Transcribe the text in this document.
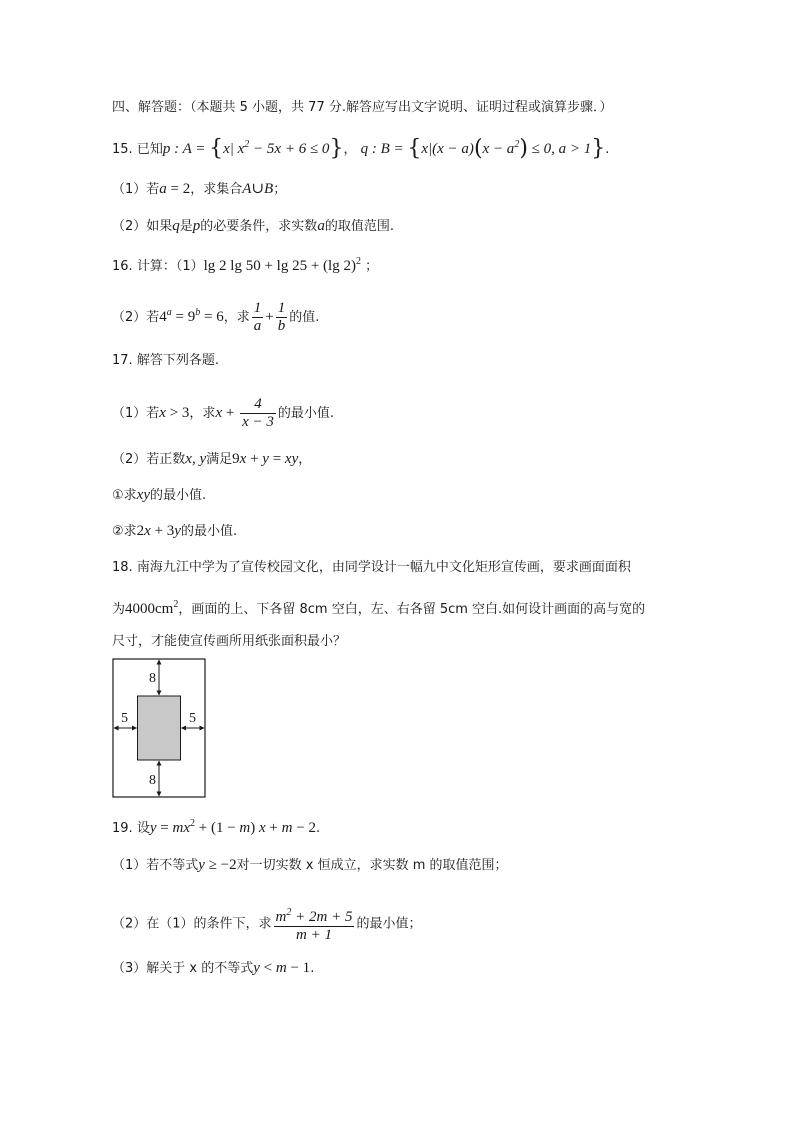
四、解答题：（本题共 5 小题，共 77 分.解答应写出文字说明、证明过程或演算步骤．）
15. 已知p : A = {x| $x^2 - 5x + 6 \le 0$}， q : $B = \{x|(x - a)(x - a^2) \le 0$, a > 1}.
（1）若a = 2，求集合A∪B；
（2）如果q是p的必要条件，求实数a的取值范围.
16. 计算：（1）lg 2 lg 50 + lg 25 + (lg 2)$^2$ ；
（2）若$4^a = 9^b = 6$，求 $\frac{1}{a} + \frac{1}{b}$ 的值.
17. 解答下列各题.
（1）若x > 3，求$x + \frac{4}{x - 3}$ 的最小值.
（2）若正数x, y满足9x + y = xy，
①求xy的最小值.
②求2x + 3y的最小值.
18. 南海九江中学为了宣传校园文化，由同学设计一幅九中文化矩形宣传画，要求画面面积
为$4000cm^2$，画面的上、下各留 8cm 空白，左、右各留 5cm 空白.如何设计画面的高与宽的
尺寸，才能使宣传画所用纸张面积最小？
8
8
5	5
19. 设$y = mx^2 + (1 - m) x + m - 2$.
（1）若不等式y ≥ −2对一切实数 x 恒成立，求实数 m 的取值范围；
（2）在（1）的条件下，求 $\frac{m^2 + 2m + 5}{m + 1}$ 的最小值；
（3）解关于 x 的不等式y < m − 1.
